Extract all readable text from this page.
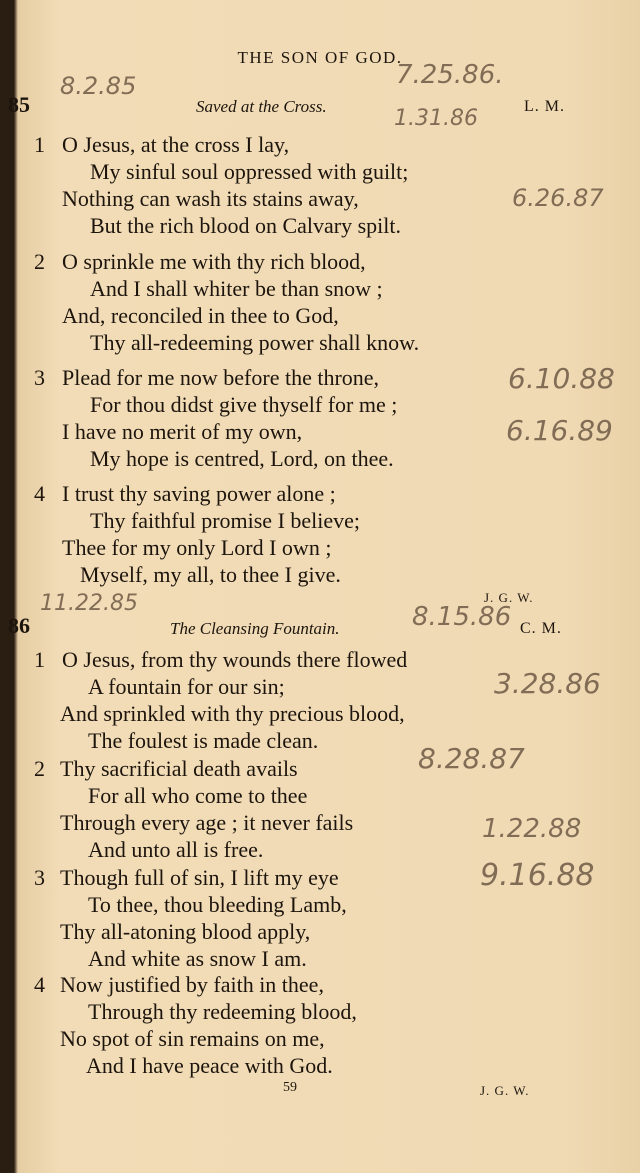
THE SON OF GOD.
85	Saved at the Cross.	L. M.
1 O Jesus, at the cross I lay,
My sinful soul oppressed with guilt;
Nothing can wash its stains away,
But the rich blood on Calvary spilt.
2 O sprinkle me with thy rich blood,
And I shall whiter be than snow ;
And, reconciled in thee to God,
Thy all-redeeming power shall know.
3 Plead for me now before the throne,
For thou didst give thyself for me ;
I have no merit of my own,
My hope is centred, Lord, on thee.
4 I trust thy saving power alone ;
Thy faithful promise I believe;
Thee for my only Lord I own ;
Myself, my all, to thee I give.
J. G. W.
86	The Cleansing Fountain.	C. M.
1 O Jesus, from thy wounds there flowed
A fountain for our sin;
And sprinkled with thy precious blood,
The foulest is made clean.
2 Thy sacrificial death avails
For all who come to thee
Through every age ; it never fails
And unto all is free.
3 Though full of sin, I lift my eye
To thee, thou bleeding Lamb,
Thy all-atoning blood apply,
And white as snow I am.
4 Now justified by faith in thee,
Through thy redeeming blood,
No spot of sin remains on me,
And I have peace with God.
59	J. G. W.
8.2.85	7.25.86.
1.31.86
6.26.87
6.10.88
6.16.89
11.22.85	8.15.86
3.28.86
8.28.87
1.22.88
9.16.88
